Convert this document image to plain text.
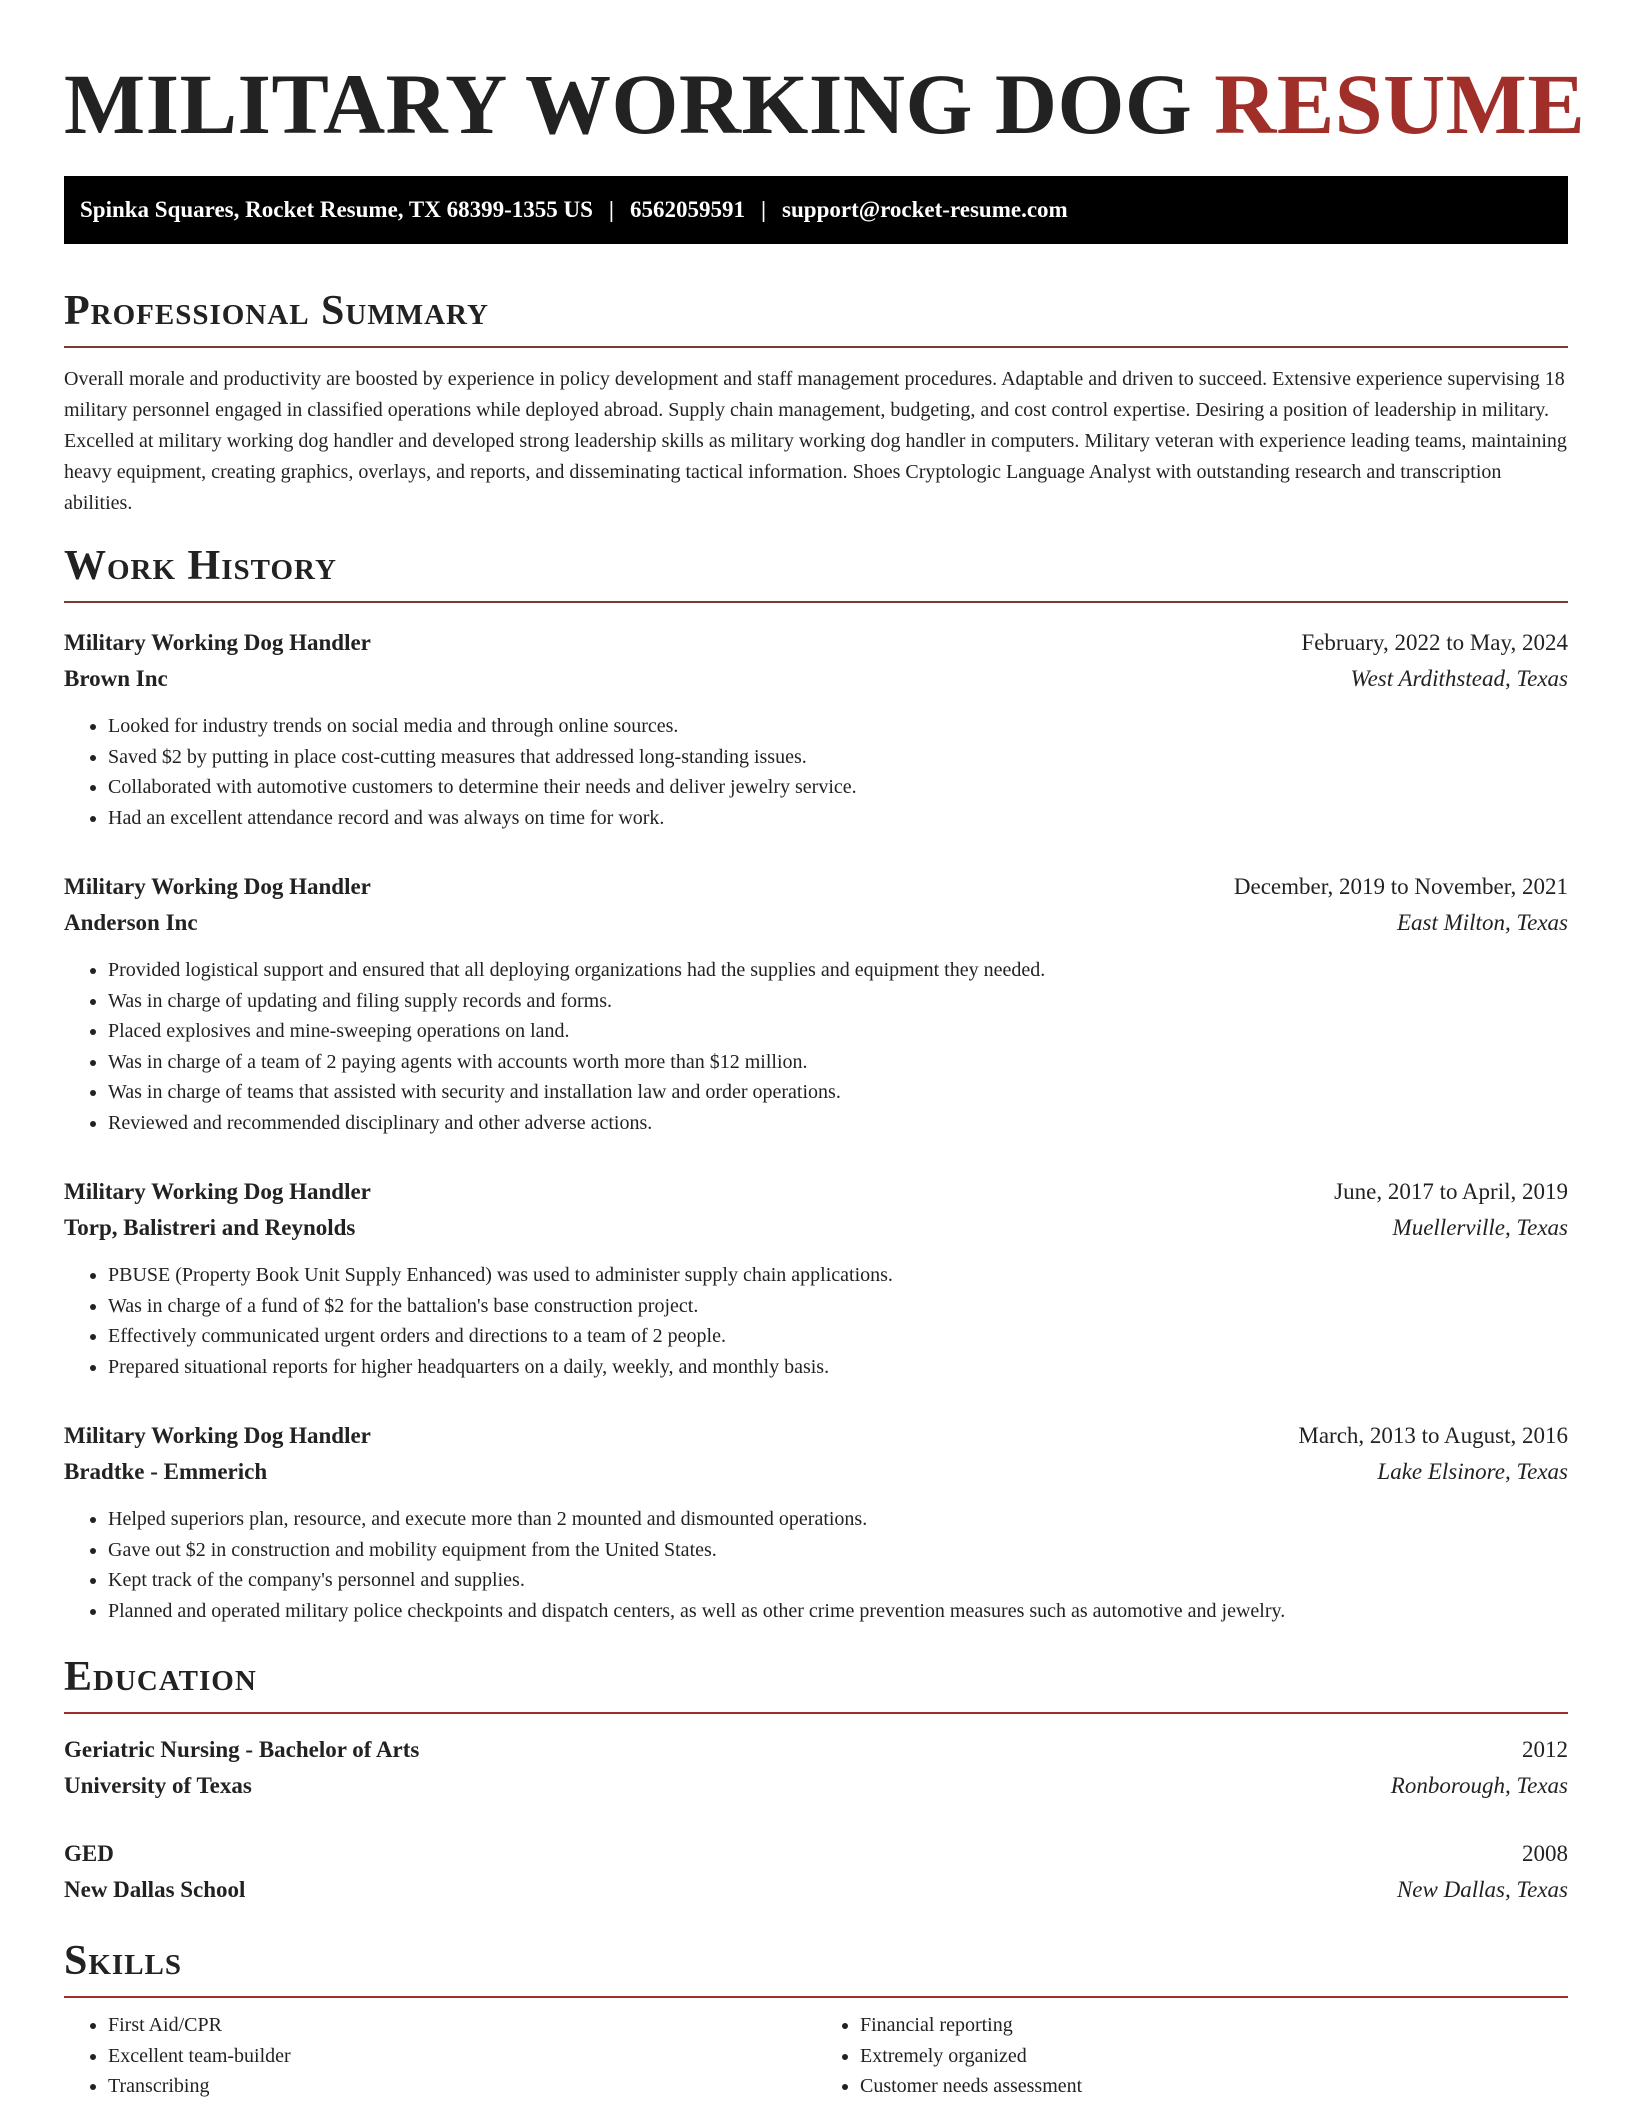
MILITARY WORKING DOG RESUME
Spinka Squares, Rocket Resume, TX 68399-1355 US | 6562059591 | support@rocket-resume.com
Professional Summary

Overall morale and productivity are boosted by experience in policy development and staff management procedures. Adaptable and driven to succeed. Extensive experience supervising 18 military personnel engaged in classified operations while deployed abroad. Supply chain management, budgeting, and cost control expertise. Desiring a position of leadership in military. Excelled at military working dog handler and developed strong leadership skills as military working dog handler in computers. Military veteran with experience leading teams, maintaining heavy equipment, creating graphics, overlays, and reports, and disseminating tactical information. Shoes Cryptologic Language Analyst with outstanding research and transcription abilities.

Work History
Military Working Dog Handler	February, 2022 to May, 2024
Brown Inc	West Ardithstead, Texas
• Looked for industry trends on social media and through online sources.
• Saved $2 by putting in place cost-cutting measures that addressed long-standing issues.
• Collaborated with automotive customers to determine their needs and deliver jewelry service.
• Had an excellent attendance record and was always on time for work.
Military Working Dog Handler	December, 2019 to November, 2021
Anderson Inc	East Milton, Texas
• Provided logistical support and ensured that all deploying organizations had the supplies and equipment they needed.
• Was in charge of updating and filing supply records and forms.
• Placed explosives and mine-sweeping operations on land.
• Was in charge of a team of 2 paying agents with accounts worth more than $12 million.
• Was in charge of teams that assisted with security and installation law and order operations.
• Reviewed and recommended disciplinary and other adverse actions.
Military Working Dog Handler	June, 2017 to April, 2019
Torp, Balistreri and Reynolds	Muellerville, Texas
• PBUSE (Property Book Unit Supply Enhanced) was used to administer supply chain applications.
• Was in charge of a fund of $2 for the battalion's base construction project.
• Effectively communicated urgent orders and directions to a team of 2 people.
• Prepared situational reports for higher headquarters on a daily, weekly, and monthly basis.
Military Working Dog Handler	March, 2013 to August, 2016
Bradtke - Emmerich	Lake Elsinore, Texas
• Helped superiors plan, resource, and execute more than 2 mounted and dismounted operations.
• Gave out $2 in construction and mobility equipment from the United States.
• Kept track of the company's personnel and supplies.
• Planned and operated military police checkpoints and dispatch centers, as well as other crime prevention measures such as automotive and jewelry.
Education
Geriatric Nursing - Bachelor of Arts	2012
University of Texas	Ronborough, Texas
GED	2008
New Dallas School	New Dallas, Texas
Skills
• First Aid/CPR
• Excellent team-builder
• Transcribing
• Financial reporting
• Extremely organized
• Customer needs assessment
